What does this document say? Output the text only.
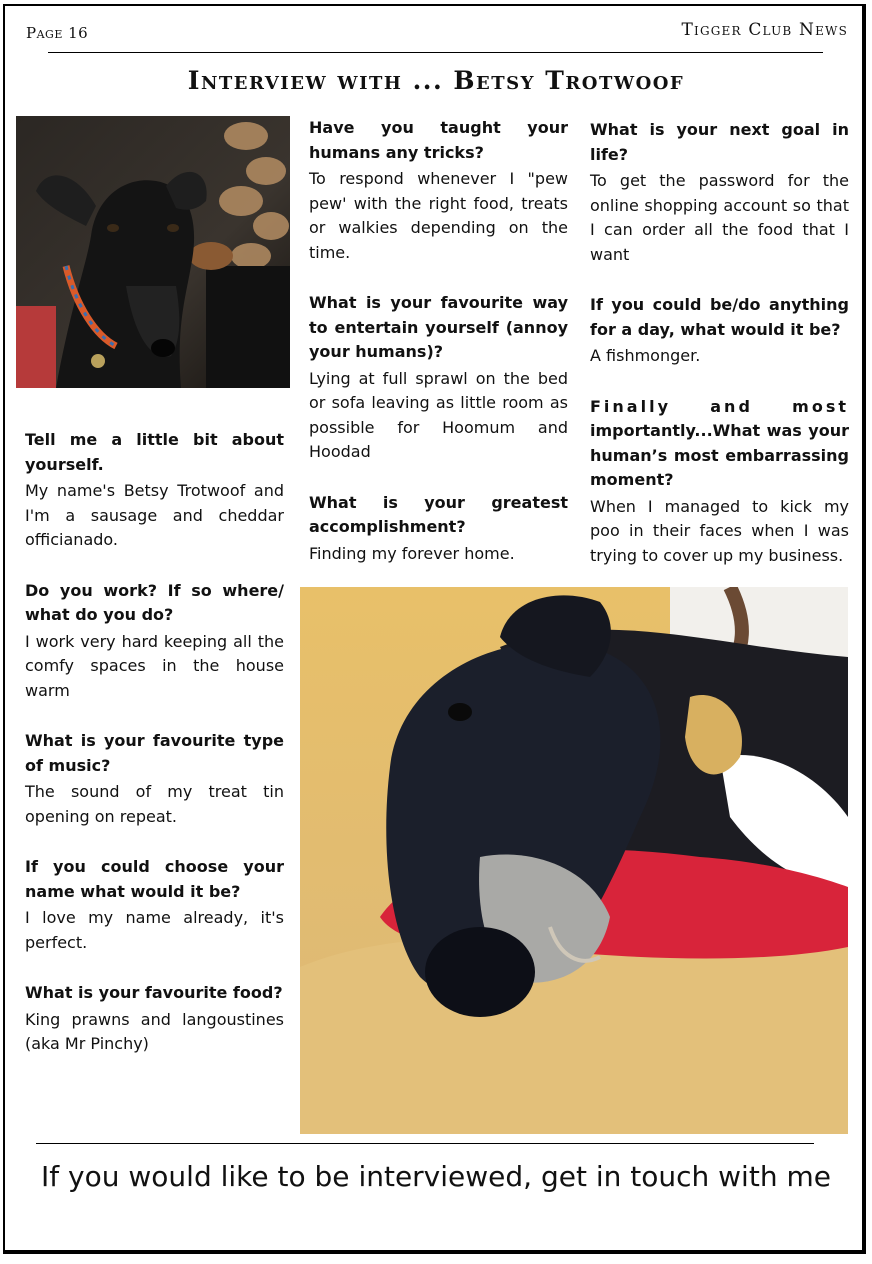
Page 16	Tigger Club News
Interview with ... Betsy Trotwoof
Tell me a little bit about yourself.
My name's Betsy Trotwoof and I'm a sausage and cheddar officianado.
Do you work? If so where/ what do you do?
I work very hard keeping all the comfy spaces in the house warm
What is your favourite type of music?
The sound of my treat tin opening on repeat.
If you could choose your name what would it be?
I love my name already, it's perfect.
What is your favourite food?
King prawns and langoustines (aka Mr Pinchy)
Have you taught your humans any tricks?
To respond whenever I "pew pew' with the right food, treats or walkies depending on the time.
What is your favourite way to entertain yourself (annoy your humans)?
Lying at full sprawl on the bed or sofa leaving as little room as possible for Hoomum and Hoodad
What is your greatest accomplishment?
Finding my forever home.
What is your next goal in life?
To get the password for the online shopping account so that I can order all the food that I want
If you could be/do anything for a day, what would it be?
A fishmonger.
Finally and most
importantly...What was your human’s most embarrassing moment?
When I managed to kick my poo in their faces when I was trying to cover up my business.
If you would like to be interviewed, get in touch with me
